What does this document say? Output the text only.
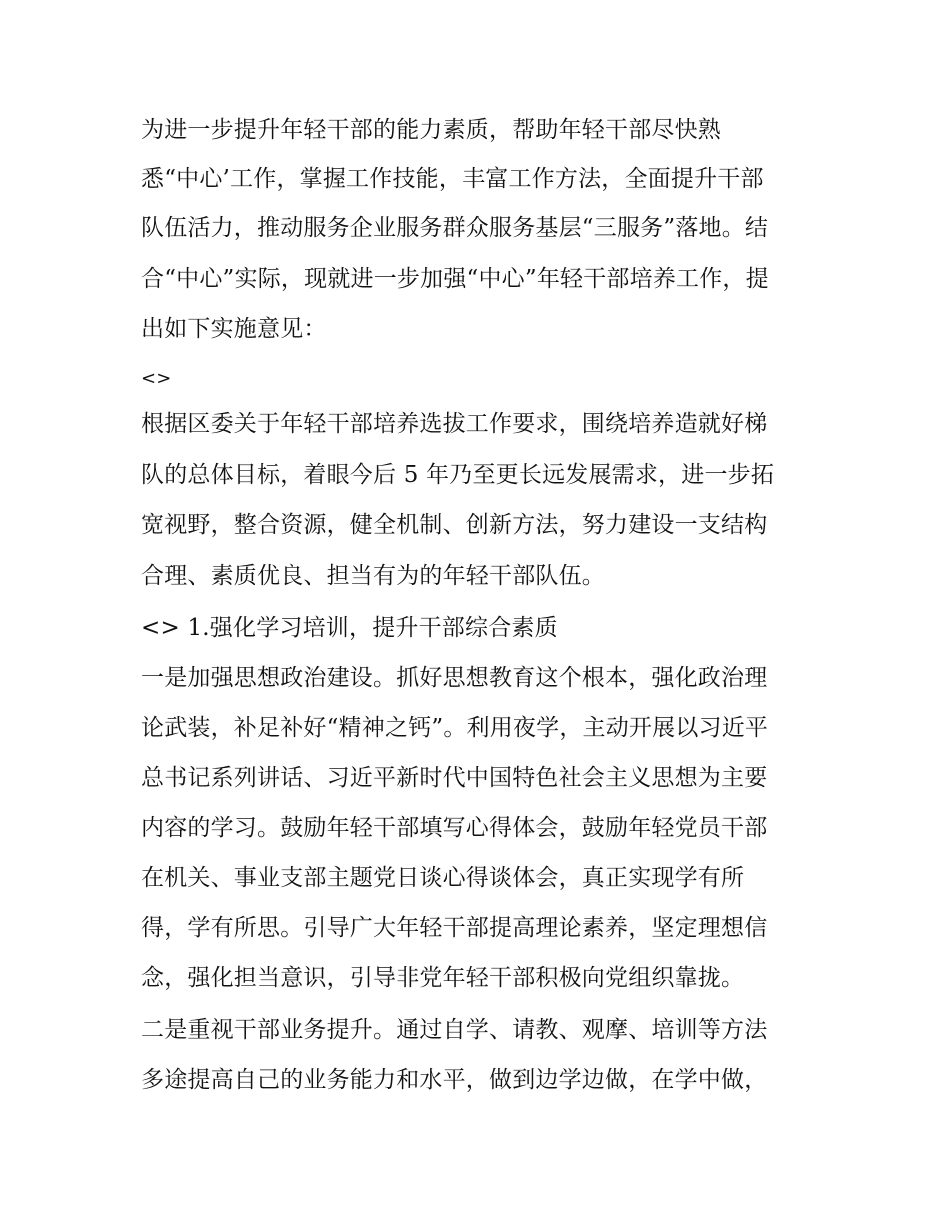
为进一步提升年轻干部的能力素质，帮助年轻干部尽快熟
悉“中心’工作，掌握工作技能，丰富工作方法，全面提升干部
队伍活力，推动服务企业服务群众服务基层“三服务”落地。结
合“中心”实际，现就进一步加强“中心”年轻干部培养工作，提
出如下实施意见：
<>
根据区委关于年轻干部培养选拔工作要求，围绕培养造就好梯
队的总体目标，着眼今后 5 年乃至更长远发展需求，进一步拓
宽视野，整合资源，健全机制、创新方法，努力建设一支结构
合理、素质优良、担当有为的年轻干部队伍。
<> 1.强化学习培训，提升干部综合素质
一是加强思想政治建设。抓好思想教育这个根本，强化政治理
论武装，补足补好“精神之钙”。利用夜学，主动开展以习近平
总书记系列讲话、习近平新时代中国特色社会主义思想为主要
内容的学习。鼓励年轻干部填写心得体会，鼓励年轻党员干部
在机关、事业支部主题党日谈心得谈体会，真正实现学有所
得，学有所思。引导广大年轻干部提高理论素养，坚定理想信
念，强化担当意识，引导非党年轻干部积极向党组织靠拢。
二是重视干部业务提升。通过自学、请教、观摩、培训等方法
多途提高自己的业务能力和水平，做到边学边做，在学中做，
